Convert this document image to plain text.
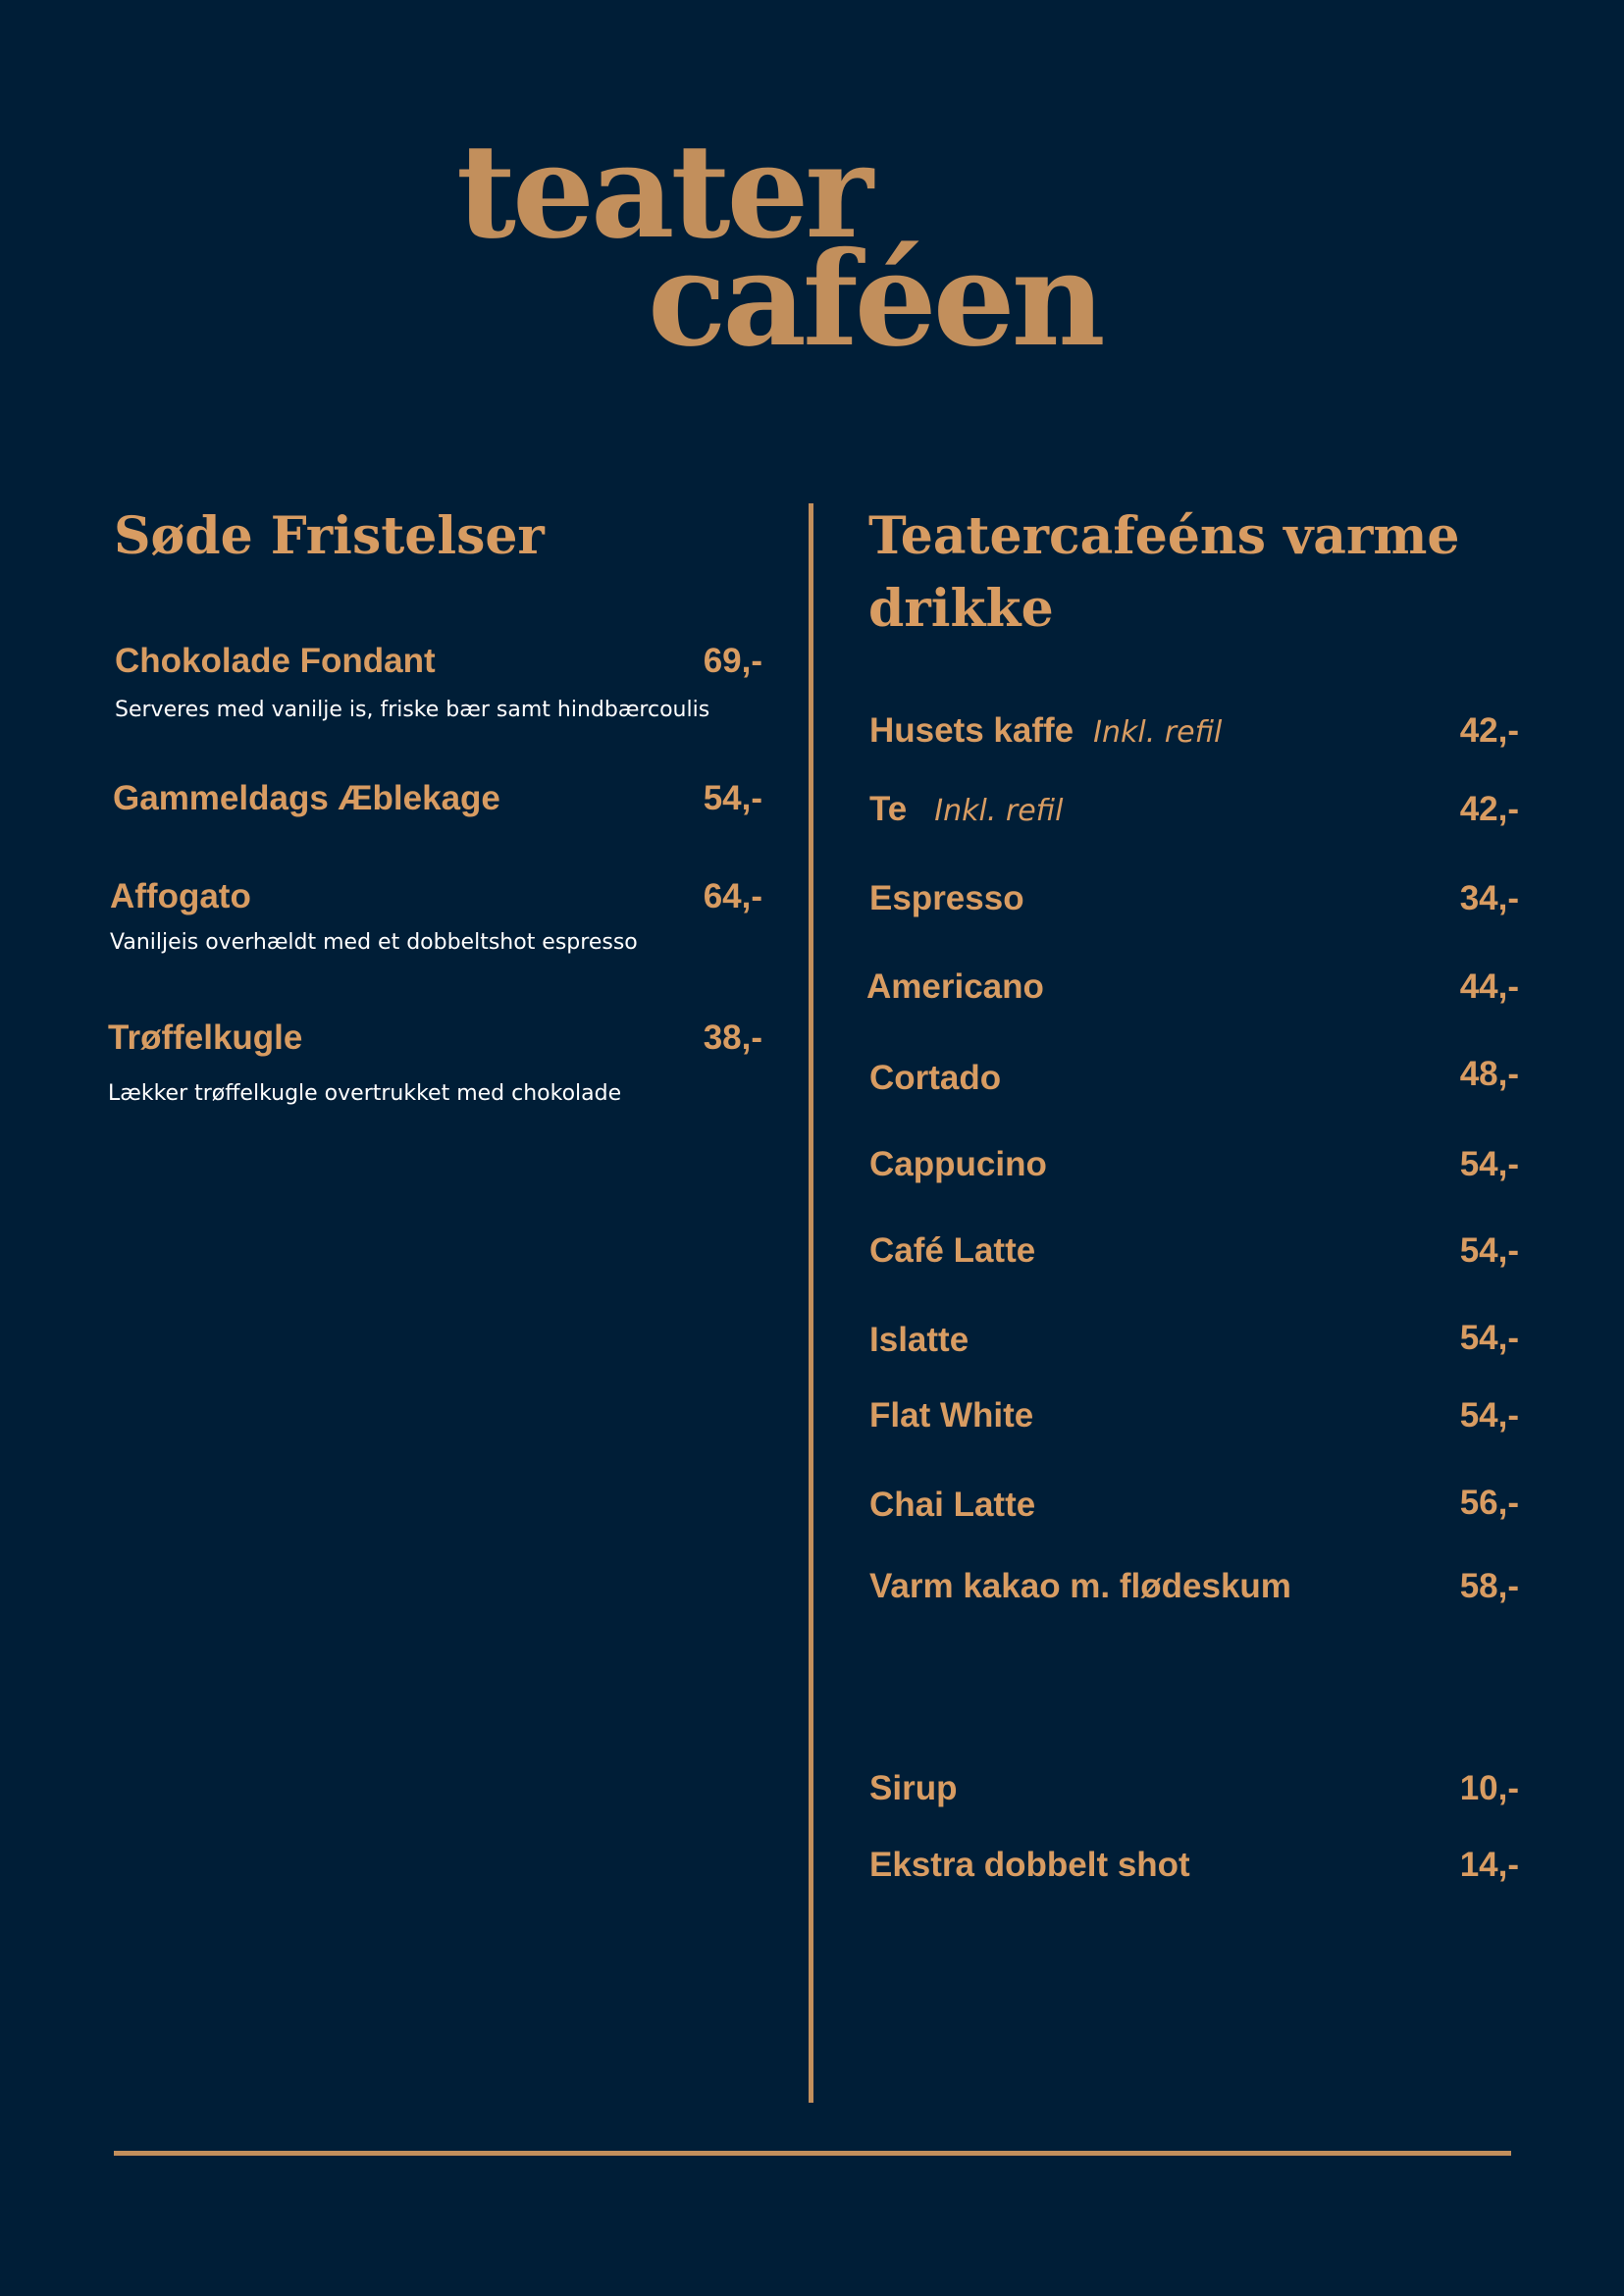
teater
caféen
Søde Fristelser
Chokolade Fondant	69,-
Serveres med vanilje is, friske bær samt hindbærcoulis
Gammeldags Æblekage	54,-
Affogato	64,-
Vaniljeis overhældt med et dobbeltshot espresso
Trøffelkugle	38,-
Lækker trøffelkugle overtrukket med chokolade
Teatercafeéns varme drikke
Husets kaffe Inkl. refil	42,-
Te Inkl. refil	42,-
Espresso	34,-
Americano	44,-
Cortado	48,-
Cappucino	54,-
Café Latte	54,-
Islatte	54,-
Flat White	54,-
Chai Latte	56,-
Varm kakao m. flødeskum	58,-
Sirup	10,-
Ekstra dobbelt shot	14,-
